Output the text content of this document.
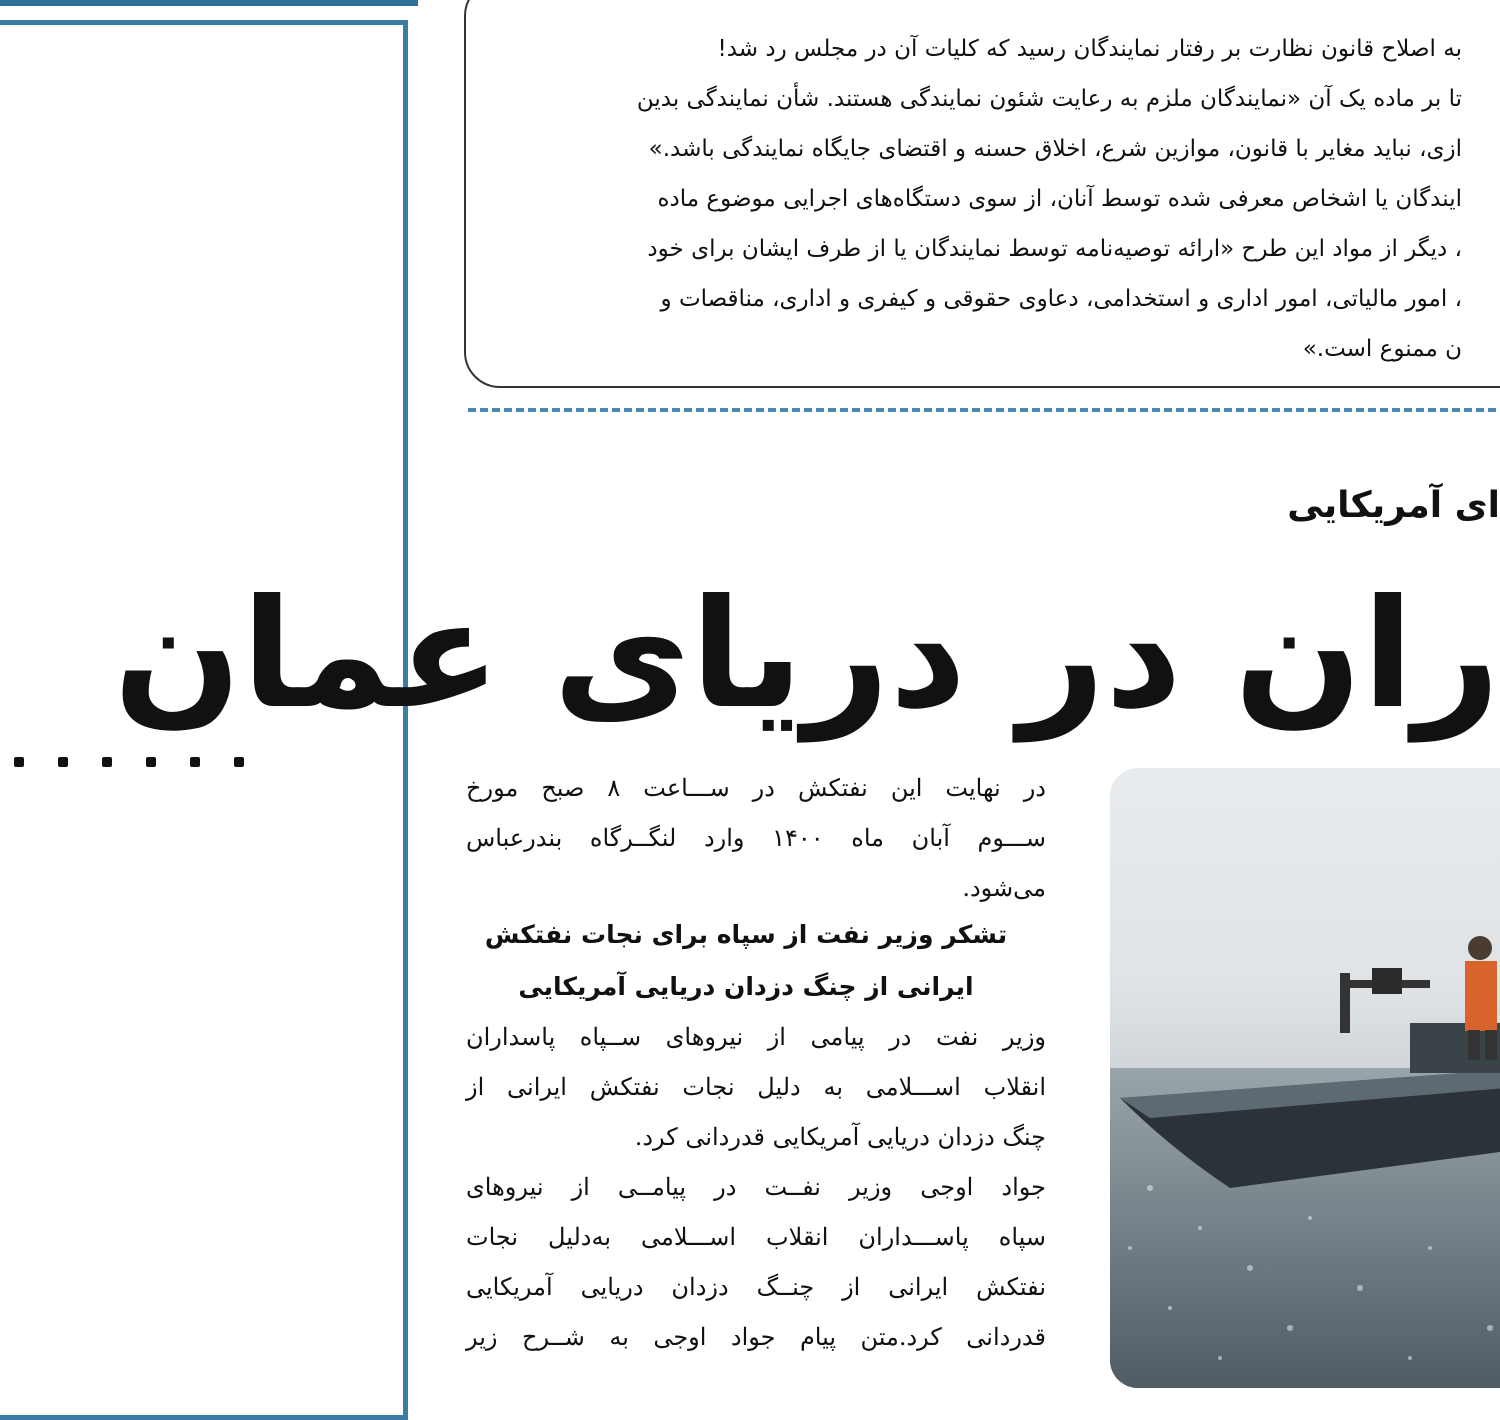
به اصلاح قانون نظارت بر رفتار نمایندگان رسید که کلیات آن در مجلس رد شد!
تا بر ماده یک آن «نمایندگان ملزم به رعایت شئون نمایندگی هستند. شأن نمایندگی بدین
ازی، نباید مغایر با قانون، موازین شرع، اخلاق حسنه و اقتضای جایگاه نمایندگی باشد.»
ایندگان یا اشخاص معرفی شده توسط آنان، از سوی دستگاه‌های اجرایی موضوع ماده
، دیگر از مواد این طرح «ارائه توصیه‌نامه توسط نمایندگان یا از طرف ایشان برای خود
، امور مالیاتی، امور اداری و استخدامی، دعاوی حقوقی و کیفری و اداری، مناقصات و
ن ممنوع است.»
ای آمریکایی
ران در دریای عمان
در نهایت این نفتکش در ســـاعت ۸ صبح مورخ
ســـوم آبان ماه ۱۴۰۰ وارد لنگــرگاه بندرعباس
می‌شود.
تشکر وزیر نفت از سپاه برای نجات نفتکش
ایرانی از چنگ دزدان دریایی آمریکایی
وزیر نفت در پیامی از نیروهای ســپاه پاسداران
انقلاب اســـلامی به دلیل نجات نفتکش ایرانی از
چنگ دزدان دریایی آمریکایی قدردانی کرد.
جواد اوجی وزیر نفــت در پیامــی از نیروهای
سپاه پاســـداران انقلاب اســـلامی به‌دلیل نجات
نفتکش ایرانی از چنــگ دزدان دریایی آمریکایی
قدردانی کرد.متن پیام جواد اوجی به شــرح زیر
